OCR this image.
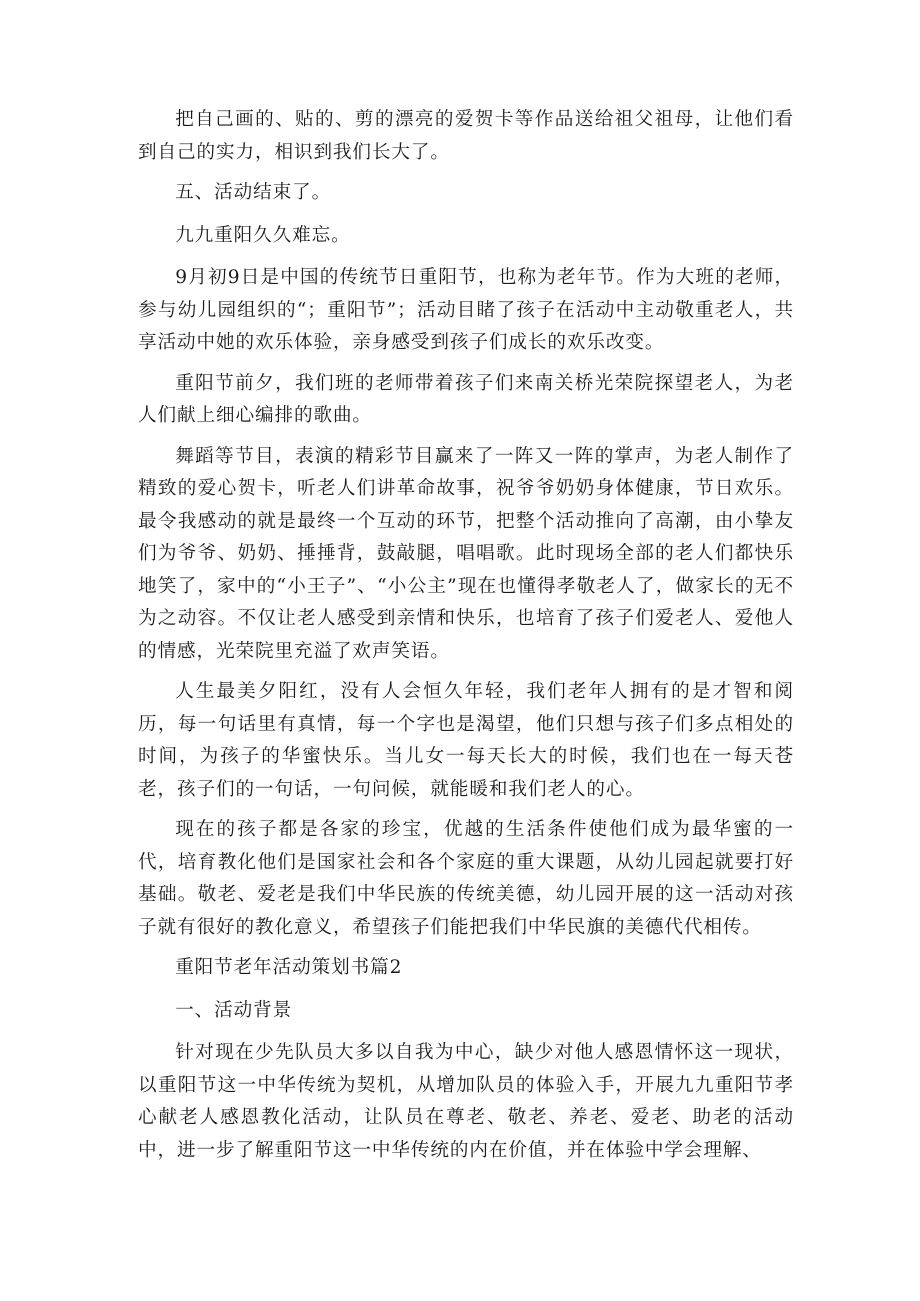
把自己画的、贴的、剪的漂亮的爱贺卡等作品送给祖父祖母，让他们看到自己的实力，相识到我们长大了。

五、活动结束了。

九九重阳久久难忘。

9月初9日是中国的传统节日重阳节，也称为老年节。作为大班的老师，参与幼儿园组织的“；重阳节”；活动目睹了孩子在活动中主动敬重老人，共享活动中她的欢乐体验，亲身感受到孩子们成长的欢乐改变。

重阳节前夕，我们班的老师带着孩子们来南关桥光荣院探望老人，为老人们献上细心编排的歌曲。

舞蹈等节目，表演的精彩节目赢来了一阵又一阵的掌声，为老人制作了精致的爱心贺卡，听老人们讲革命故事，祝爷爷奶奶身体健康，节日欢乐。最令我感动的就是最终一个互动的环节，把整个活动推向了高潮，由小挚友们为爷爷、奶奶、捶捶背，鼓敲腿，唱唱歌。此时现场全部的老人们都快乐地笑了，家中的“小王子”、“小公主”现在也懂得孝敬老人了，做家长的无不为之动容。不仅让老人感受到亲情和快乐，也培育了孩子们爱老人、爱他人的情感，光荣院里充溢了欢声笑语。

人生最美夕阳红，没有人会恒久年轻，我们老年人拥有的是才智和阅历，每一句话里有真情，每一个字也是渴望，他们只想与孩子们多点相处的时间，为孩子的华蜜快乐。当儿女一每天长大的时候，我们也在一每天苍老，孩子们的一句话，一句问候，就能暖和我们老人的心。

现在的孩子都是各家的珍宝，优越的生活条件使他们成为最华蜜的一代，培育教化他们是国家社会和各个家庭的重大课题，从幼儿园起就要打好基础。敬老、爱老是我们中华民族的传统美德，幼儿园开展的这一活动对孩子就有很好的教化意义，希望孩子们能把我们中华民旗的美德代代相传。

重阳节老年活动策划书篇2

一、活动背景

针对现在少先队员大多以自我为中心，缺少对他人感恩情怀这一现状，以重阳节这一中华传统为契机，从增加队员的体验入手，开展九九重阳节孝心献老人感恩教化活动，让队员在尊老、敬老、养老、爱老、助老的活动中，进一步了解重阳节这一中华传统的内在价值，并在体验中学会理解、
